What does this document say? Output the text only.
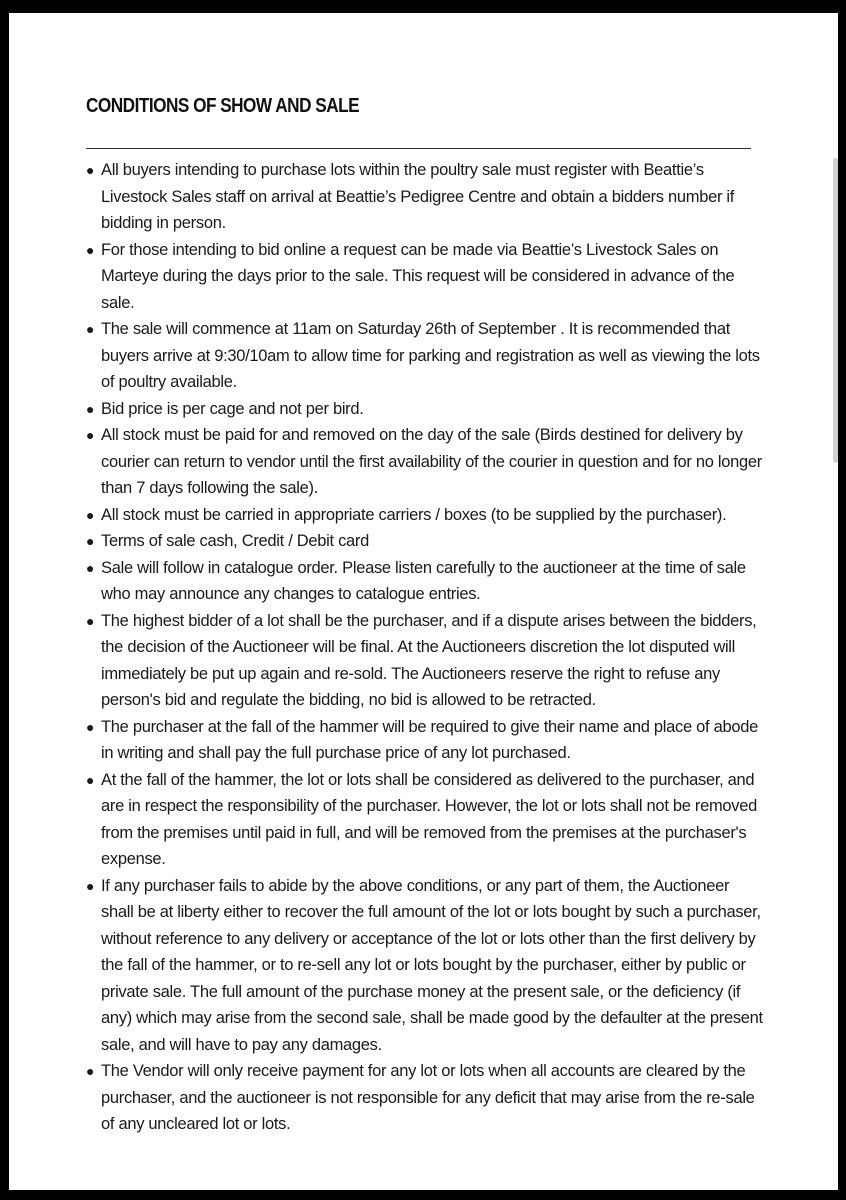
CONDITIONS OF SHOW AND SALE
● All buyers intending to purchase lots within the poultry sale must register with Beattie’s Livestock Sales staff on arrival at Beattie’s Pedigree Centre and obtain a bidders number if bidding in person.
● For those intending to bid online a request can be made via Beattie’s Livestock Sales on Marteye during the days prior to the sale. This request will be considered in advance of the sale.
● The sale will commence at 11am on Saturday 26th of September . It is recommended that buyers arrive at 9:30/10am to allow time for parking and registration as well as viewing the lots of poultry available.
● Bid price is per cage and not per bird.
● All stock must be paid for and removed on the day of the sale (Birds destined for delivery by courier can return to vendor until the first availability of the courier in question and for no longer than 7 days following the sale).
● All stock must be carried in appropriate carriers / boxes (to be supplied by the purchaser).
● Terms of sale cash, Credit / Debit card
● Sale will follow in catalogue order. Please listen carefully to the auctioneer at the time of sale who may announce any changes to catalogue entries.
● The highest bidder of a lot shall be the purchaser, and if a dispute arises between the bidders, the decision of the Auctioneer will be final. At the Auctioneers discretion the lot disputed will immediately be put up again and re-sold. The Auctioneers reserve the right to refuse any person's bid and regulate the bidding, no bid is allowed to be retracted.
● The purchaser at the fall of the hammer will be required to give their name and place of abode in writing and shall pay the full purchase price of any lot purchased.
● At the fall of the hammer, the lot or lots shall be considered as delivered to the purchaser, and are in respect the responsibility of the purchaser. However, the lot or lots shall not be removed from the premises until paid in full, and will be removed from the premises at the purchaser's expense.
● If any purchaser fails to abide by the above conditions, or any part of them, the Auctioneer shall be at liberty either to recover the full amount of the lot or lots bought by such a purchaser, without reference to any delivery or acceptance of the lot or lots other than the first delivery by the fall of the hammer, or to re-sell any lot or lots bought by the purchaser, either by public or private sale. The full amount of the purchase money at the present sale, or the deficiency (if any) which may arise from the second sale, shall be made good by the defaulter at the present sale, and will have to pay any damages.
● The Vendor will only receive payment for any lot or lots when all accounts are cleared by the purchaser, and the auctioneer is not responsible for any deficit that may arise from the re-sale of any uncleared lot or lots.
